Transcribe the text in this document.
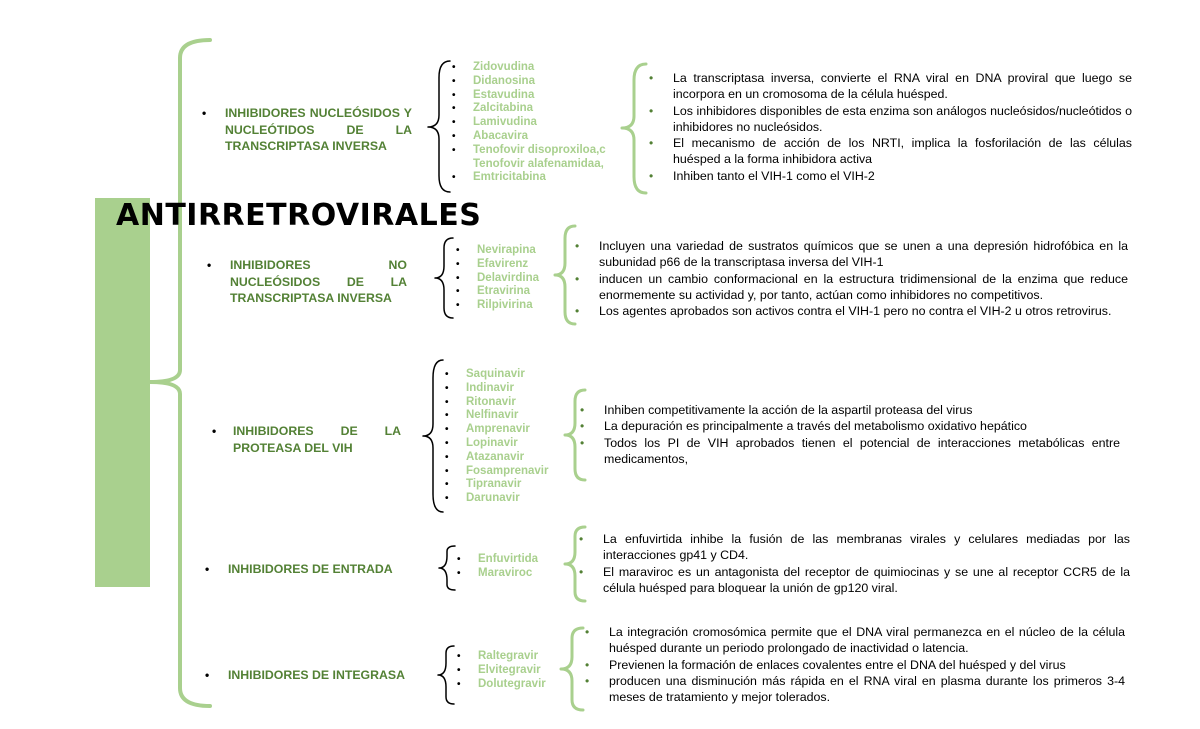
ANTIRRETROVIRALES
• INHIBIDORES NUCLEÓSIDOS Y NUCLEÓTIDOS DE LA TRANSCRIPTASA INVERSA
• Zidovudina
• Didanosina
• Estavudina
• Zalcitabina
• Lamivudina
• Abacavira
• Tenofovir disoproxiloa,c Tenofovir alafenamidaa,
• Emtricitabina
• La transcriptasa inversa, convierte el RNA viral en DNA proviral que luego se incorpora en un cromosoma de la célula huésped.
• Los inhibidores disponibles de esta enzima son análogos nucleósidos/nucleótidos o inhibidores no nucleósidos.
• El mecanismo de acción de los NRTI, implica la fosforilación de las células huésped a la forma inhibidora activa
• Inhiben tanto el VIH-1 como el VIH-2
• INHIBIDORES NO NUCLEÓSIDOS DE LA TRANSCRIPTASA INVERSA
• Nevirapina
• Efavirenz
• Delavirdina
• Etravirina
• Rilpivirina
• Incluyen una variedad de sustratos químicos que se unen a una depresión hidrofóbica en la subunidad p66 de la transcriptasa inversa del VIH-1
• inducen un cambio conformacional en la estructura tridimensional de la enzima que reduce enormemente su actividad y, por tanto, actúan como inhibidores no competitivos.
• Los agentes aprobados son activos contra el VIH-1 pero no contra el VIH-2 u otros retrovirus.
• INHIBIDORES DE LA PROTEASA DEL VIH
• Saquinavir
• Indinavir
• Ritonavir
• Nelfinavir
• Amprenavir
• Lopinavir
• Atazanavir
• Fosamprenavir
• Tipranavir
• Darunavir
• Inhiben competitivamente la acción de la aspartil proteasa del virus
• La depuración es principalmente a través del metabolismo oxidativo hepático
• Todos los PI de VIH aprobados tienen el potencial de interacciones metabólicas entre medicamentos,
• INHIBIDORES DE ENTRADA
• Enfuvirtida
• Maraviroc
• La enfuvirtida inhibe la fusión de las membranas virales y celulares mediadas por las interacciones gp41 y CD4.
• El maraviroc es un antagonista del receptor de quimiocinas y se une al receptor CCR5 de la célula huésped para bloquear la unión de gp120 viral.
• INHIBIDORES DE INTEGRASA
• Raltegravir
• Elvitegravir
• Dolutegravir
• La integración cromosómica permite que el DNA viral permanezca en el núcleo de la célula huésped durante un periodo prolongado de inactividad o latencia.
• Previenen la formación de enlaces covalentes entre el DNA del huésped y del virus
• producen una disminución más rápida en el RNA viral en plasma durante los primeros 3-4 meses de tratamiento y mejor tolerados.
